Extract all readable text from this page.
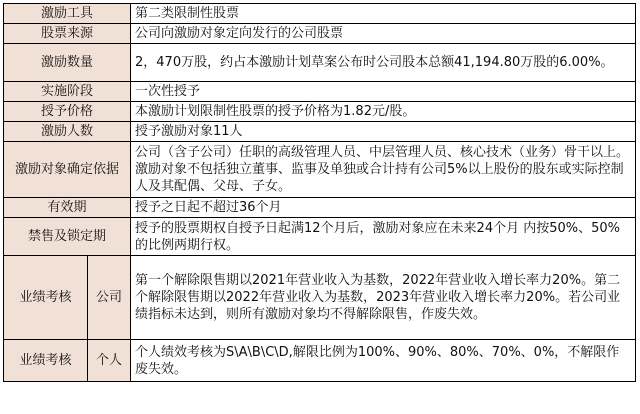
激励工具		第二类限制性股票
股票来源		公司向激励对象定向发行的公司股票
激励数量		2，470万股，约占本激励计划草案公布时公司股本总额41,194.80万股的6.00%。
实施阶段		一次性授予
授予价格		本激励计划限制性股票的授予价格为1.82元/股。
激励人数		授予激励对象11人
激励对象确定依据		公司（含子公司）任职的高级管理人员、中层管理人员、核心技术（业务）骨干以上。激励对象不包括独立董事、监事及单独或合计持有公司5%以上股份的股东或实际控制人及其配偶、父母、子女。
有效期		授予之日起不超过36个月
禁售及锁定期		授予的股票期权自授予日起满12个月后，激励对象应在未来24个月 内按50%、50%的比例两期行权。
业绩考核	公司	第一个解除限售期以2021年营业收入为基数，2022年营业收入增长率力20%。第二个解除限售期以2022年营业收入为基数，2023年营业收入增长率力20%。若公司业绩指标未达到，则所有激励对象均不得解除限售，作废失效。
业绩考核	个人	个人绩效考核为S\A\B\C\D,解限比例为100%、90%、80%、70%、0%，不解限作废失效。
